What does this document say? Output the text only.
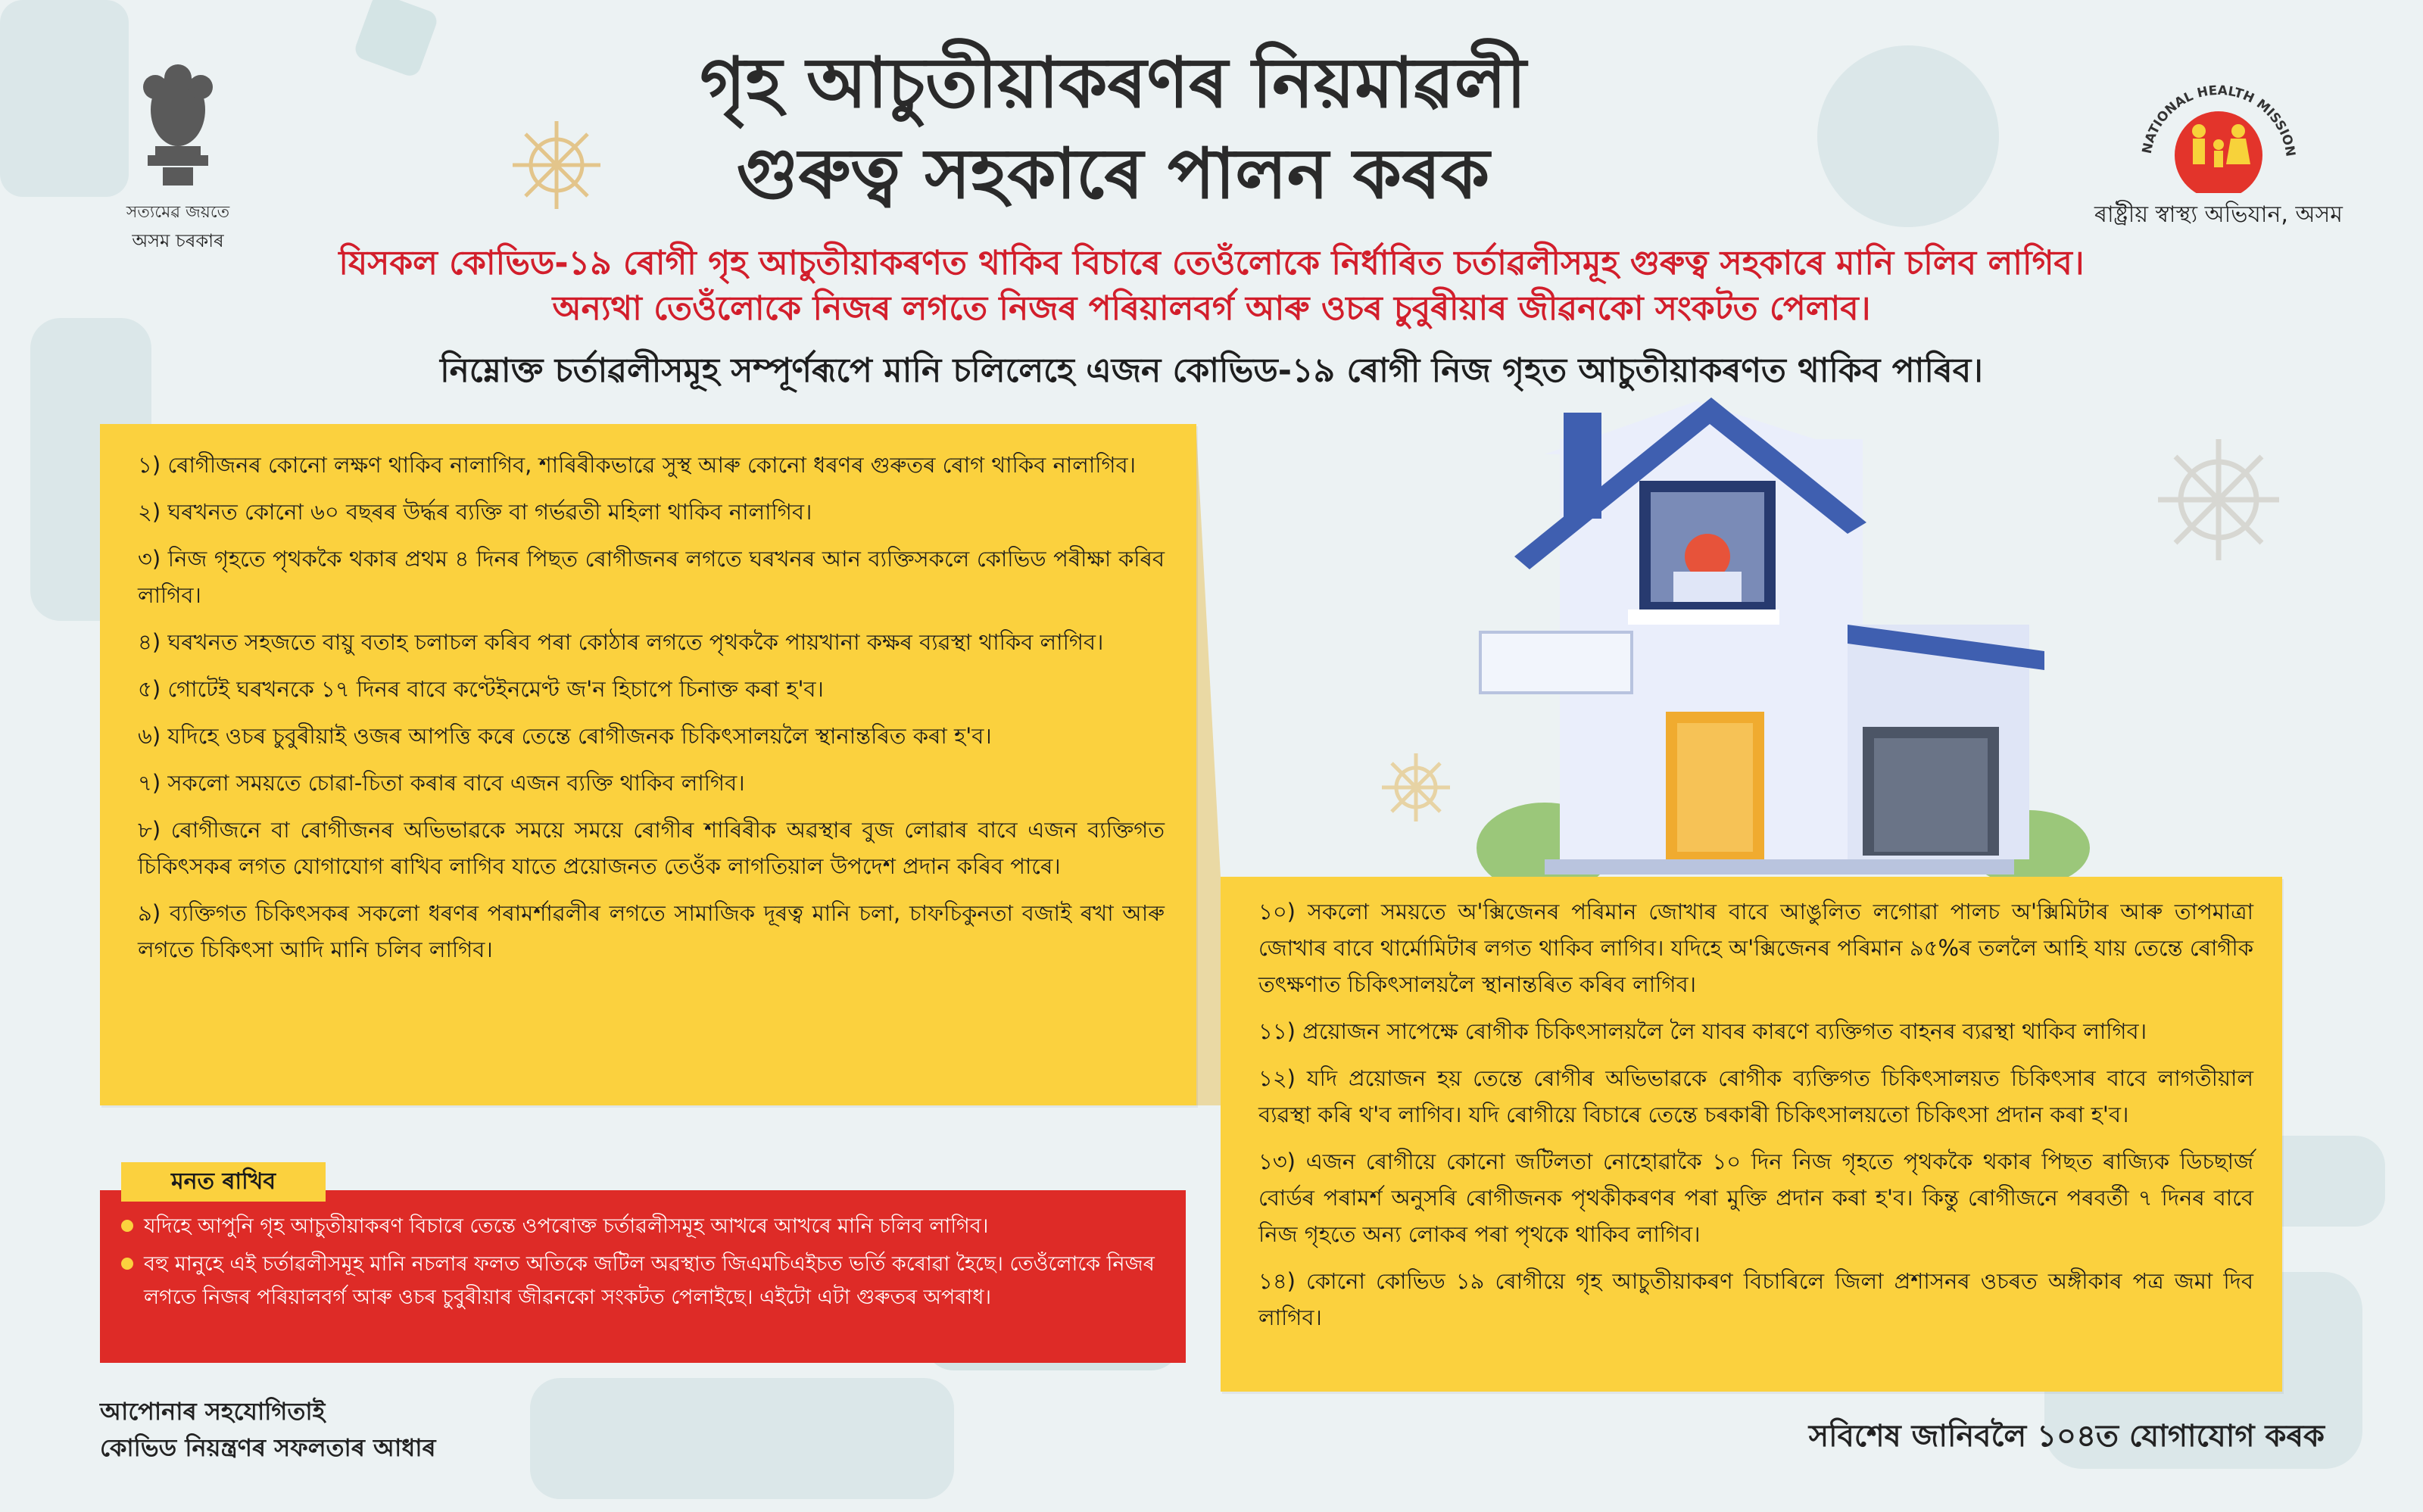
সত্যমেৱ জয়তে
অসম চৰকাৰ
গৃহ আচুতীয়াকৰণৰ নিয়মাৱলী
গুৰুত্ব সহকাৰে পালন কৰক	NATIONAL HEALTH MISSION
ৰাষ্ট্ৰীয় স্বাস্থ্য অভিযান, অসম
যিসকল কোভিড-১৯ ৰোগী গৃহ আচুতীয়াকৰণত থাকিব বিচাৰে তেওঁলোকে নিৰ্ধাৰিত চৰ্তাৱলীসমূহ গুৰুত্ব সহকাৰে মানি চলিব লাগিব।
অন্যথা তেওঁলোকে নিজৰ লগতে নিজৰ পৰিয়ালবৰ্গ আৰু ওচৰ চুবুৰীয়াৰ জীৱনকো সংকটত পেলাব।
নিম্নোক্ত চৰ্তাৱলীসমূহ সম্পূৰ্ণৰূপে মানি চলিলেহে এজন কোভিড-১৯ ৰোগী নিজ গৃহত আচুতীয়াকৰণত থাকিব পাৰিব।

১) ৰোগীজনৰ কোনো লক্ষণ থাকিব নালাগিব, শাৰিৰীকভাৱে সুস্থ আৰু কোনো ধৰণৰ গুৰুতৰ ৰোগ থাকিব নালাগিব।

২) ঘৰখনত কোনো ৬০ বছৰৰ উৰ্দ্ধৰ ব্যক্তি বা গৰ্ভৱতী মহিলা থাকিব নালাগিব।

৩) নিজ গৃহতে পৃথককৈ থকাৰ প্ৰথম ৪ দিনৰ পিছত ৰোগীজনৰ লগতে ঘৰখনৰ আন ব্যক্তিসকলে কোভিড পৰীক্ষা কৰিব লাগিব।

৪) ঘৰখনত সহজতে বায়ু বতাহ চলাচল কৰিব পৰা কোঠাৰ লগতে পৃথককৈ পায়খানা কক্ষৰ ব্যৱস্থা থাকিব লাগিব।

৫) গোটেই ঘৰখনকে ১৭ দিনৰ বাবে কণ্টেইনমেণ্ট জ'ন হিচাপে চিনাক্ত কৰা হ'ব।

৬) যদিহে ওচৰ চুবুৰীয়াই ওজৰ আপত্তি কৰে তেন্তে ৰোগীজনক চিকিৎসালয়লৈ স্থানান্তৰিত কৰা হ'ব।

৭) সকলো সময়তে চোৱা-চিতা কৰাৰ বাবে এজন ব্যক্তি থাকিব লাগিব।

৮) ৰোগীজনে বা ৰোগীজনৰ অভিভাৱকে সময়ে সময়ে ৰোগীৰ শাৰিৰীক অৱস্থাৰ বুজ লোৱাৰ বাবে এজন ব্যক্তিগত চিকিৎসকৰ লগত যোগাযোগ ৰাখিব লাগিব যাতে প্ৰয়োজনত তেওঁক লাগতিয়াল উপদেশ প্ৰদান কৰিব পাৰে।

৯) ব্যক্তিগত চিকিৎসকৰ সকলো ধৰণৰ পৰামৰ্শাৱলীৰ লগতে সামাজিক দূৰত্ব মানি চলা, চাফচিকুনতা বজাই ৰখা আৰু লগতে চিকিৎসা আদি মানি চলিব লাগিব।

১০) সকলো সময়তে অ'ক্সিজেনৰ পৰিমান জোখাৰ বাবে আঙুলিত লগোৱা পালচ অ'ক্সিমিটাৰ আৰু তাপমাত্ৰা জোখাৰ বাবে থাৰ্মোমিটাৰ লগত থাকিব লাগিব। যদিহে অ'ক্সিজেনৰ পৰিমান ৯৫%ৰ তললৈ আহি যায় তেন্তে ৰোগীক তৎক্ষণাত চিকিৎসালয়লৈ স্থানান্তৰিত কৰিব লাগিব।

১১) প্ৰয়োজন সাপেক্ষে ৰোগীক চিকিৎসালয়লৈ লৈ যাবৰ কাৰণে ব্যক্তিগত বাহনৰ ব্যৱস্থা থাকিব লাগিব।

১২) যদি প্ৰয়োজন হয় তেন্তে ৰোগীৰ অভিভাৱকে ৰোগীক ব্যক্তিগত চিকিৎসালয়ত চিকিৎসাৰ বাবে লাগতীয়াল ব্যৱস্থা কৰি থ'ব লাগিব। যদি ৰোগীয়ে বিচাৰে তেন্তে চৰকাৰী চিকিৎসালয়তো চিকিৎসা প্ৰদান কৰা হ'ব।

১৩) এজন ৰোগীয়ে কোনো জটিলতা নোহোৱাকৈ ১০ দিন নিজ গৃহতে পৃথককৈ থকাৰ পিছত ৰাজ্যিক ডিচছাৰ্জ বোৰ্ডৰ পৰামৰ্শ অনুসৰি ৰোগীজনক পৃথকীকৰণৰ পৰা মুক্তি প্ৰদান কৰা হ'ব। কিন্তু ৰোগীজনে পৰবৰ্তী ৭ দিনৰ বাবে নিজ গৃহতে অন্য লোকৰ পৰা পৃথকে থাকিব লাগিব।

১৪) কোনো কোভিড ১৯ ৰোগীয়ে গৃহ আচুতীয়াকৰণ বিচাৰিলে জিলা প্ৰশাসনৰ ওচৰত অঙ্গীকাৰ পত্ৰ জমা দিব লাগিব।

যদিহে আপুনি গৃহ আচুতীয়াকৰণ বিচাৰে তেন্তে ওপৰোক্ত চৰ্তাৱলীসমূহ আখৰে আখৰে মানি চলিব লাগিব।
বহু মানুহে এই চৰ্তাৱলীসমূহ মানি নচলাৰ ফলত অতিকে জটিল অৱস্থাত জিএমচিএইচত ভৰ্তি কৰোৱা হৈছে। তেওঁলোকে নিজৰ লগতে নিজৰ পৰিয়ালবৰ্গ আৰু ওচৰ চুবুৰীয়াৰ জীৱনকো সংকটত পেলাইছে। এইটো এটা গুৰুতৰ অপৰাধ।
মনত ৰাখিব
আপোনাৰ সহযোগিতাই
কোভিড নিয়ন্ত্ৰণৰ সফলতাৰ আধাৰ	সবিশেষ জানিবলৈ ১০৪ত যোগাযোগ কৰক
